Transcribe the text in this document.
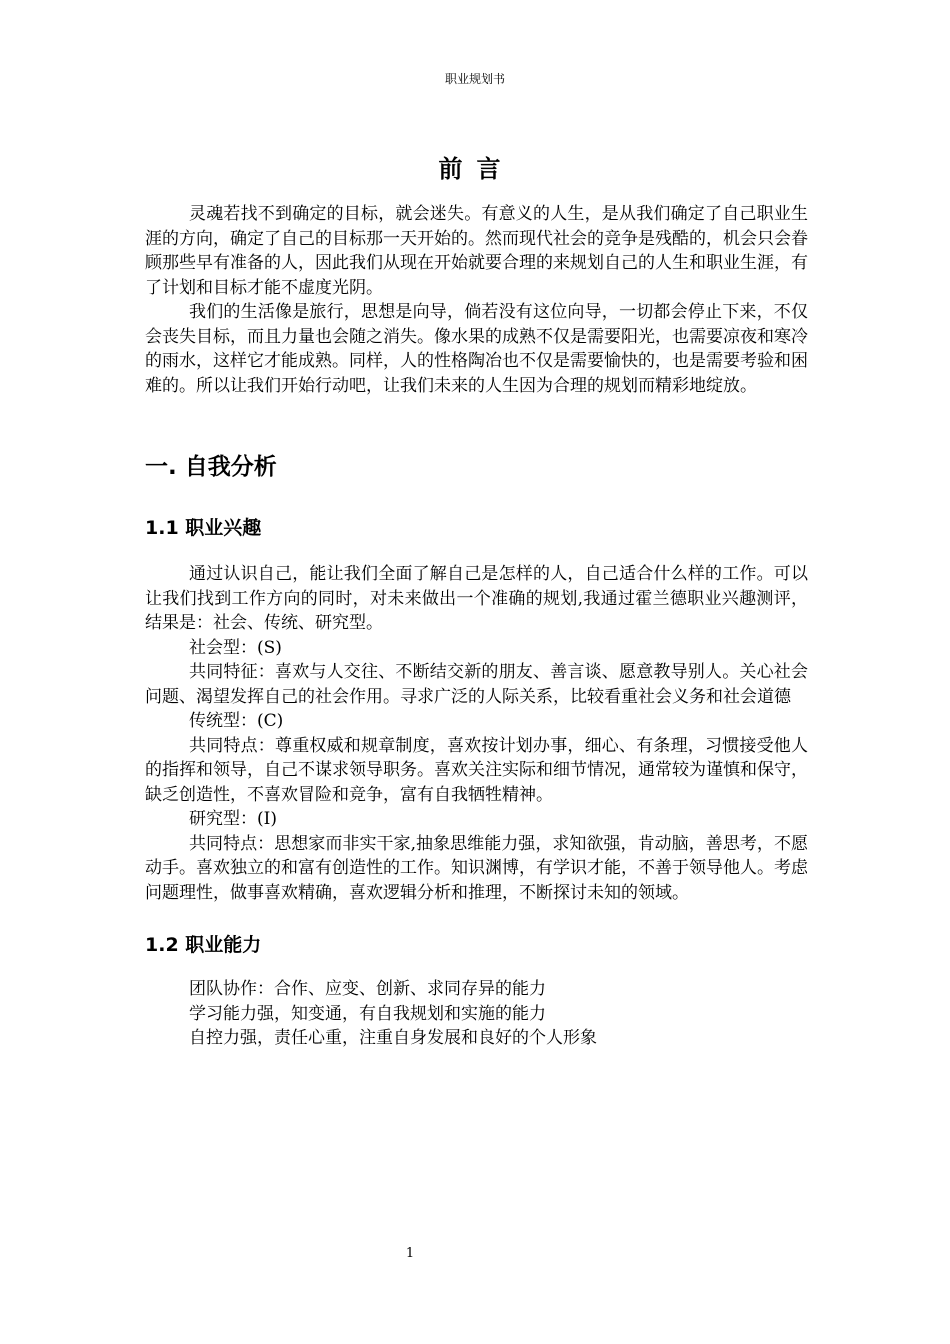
职业规划书
前言

灵魂若找不到确定的目标，就会迷失。有意义的人生，是从我们确定了自己职业生涯的方向，确定了自己的目标那一天开始的。然而现代社会的竞争是残酷的，机会只会眷顾那些早有准备的人，因此我们从现在开始就要合理的来规划自己的人生和职业生涯，有了计划和目标才能不虚度光阴。

我们的生活像是旅行，思想是向导，倘若没有这位向导，一切都会停止下来，不仅会丧失目标，而且力量也会随之消失。像水果的成熟不仅是需要阳光，也需要凉夜和寒冷的雨水，这样它才能成熟。同样，人的性格陶冶也不仅是需要愉快的，也是需要考验和困难的。所以让我们开始行动吧，让我们未来的人生因为合理的规划而精彩地绽放。

一. 自我分析
1.1 职业兴趣

通过认识自己，能让我们全面了解自己是怎样的人，自己适合什么样的工作。可以让我们找到工作方向的同时，对未来做出一个准确的规划,我通过霍兰德职业兴趣测评，结果是：社会、传统、研究型。

社会型：(S)

共同特征：喜欢与人交往、不断结交新的朋友、善言谈、愿意教导别人。关心社会问题、渴望发挥自己的社会作用。寻求广泛的人际关系，比较看重社会义务和社会道德

传统型：(C)

共同特点：尊重权威和规章制度，喜欢按计划办事，细心、有条理，习惯接受他人的指挥和领导，自己不谋求领导职务。喜欢关注实际和细节情况，通常较为谨慎和保守，缺乏创造性，不喜欢冒险和竞争，富有自我牺牲精神。

研究型：(I)

共同特点：思想家而非实干家,抽象思维能力强，求知欲强，肯动脑，善思考，不愿动手。喜欢独立的和富有创造性的工作。知识渊博，有学识才能，不善于领导他人。考虑问题理性，做事喜欢精确，喜欢逻辑分析和推理，不断探讨未知的领域。

1.2 职业能力

团队协作：合作、应变、创新、求同存异的能力

学习能力强，知变通，有自我规划和实施的能力

自控力强，责任心重，注重自身发展和良好的个人形象

1
